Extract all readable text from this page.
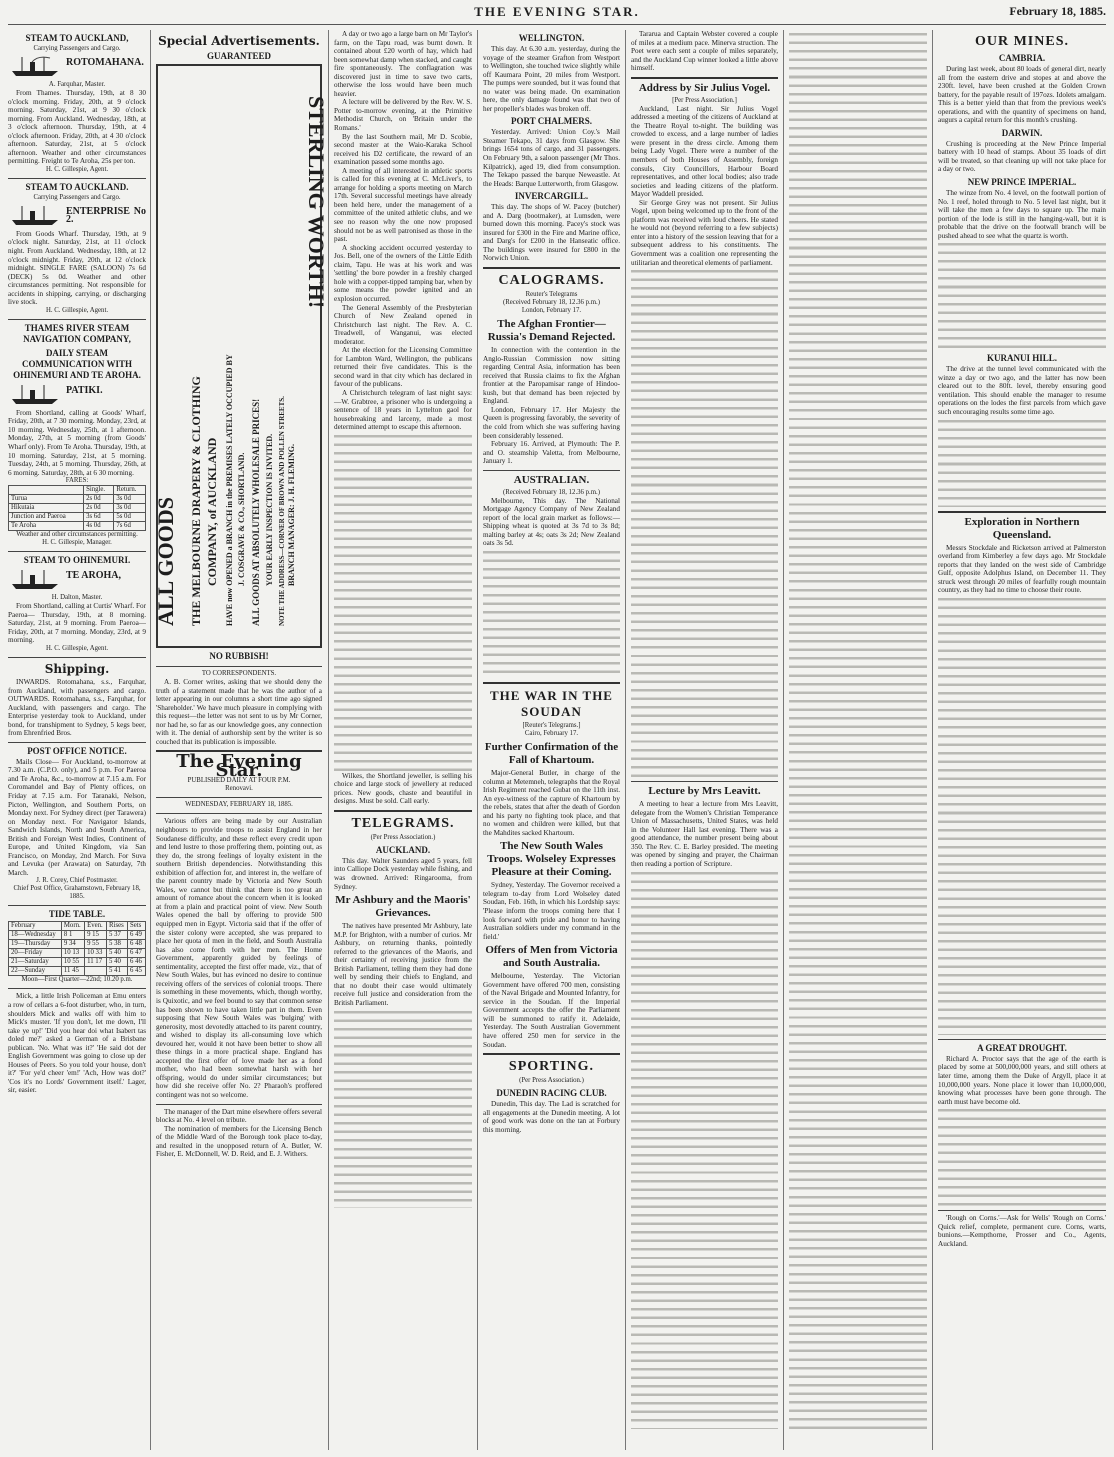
THE EVENING STAR.	February 18, 1885.
STEAM TO AUCKLAND,
Carrying Passengers and Cargo.
ROTOMAHANA.
A. Farquhar, Master.

From Thames. Thursday, 19th, at 8 30 o'clock morning. Friday, 20th, at 9 o'clock morning. Saturday, 21st, at 9 30 o'clock morning. From Auckland. Wednesday, 18th, at 3 o'clock afternoon. Thursday, 19th, at 4 o'clock afternoon. Friday, 20th, at 4 30 o'clock afternoon. Saturday, 21st, at 5 o'clock afternoon. Weather and other circumstances permitting. Freight to Te Aroha, 25s per ton.

H. C. Gillespie, Agent.
STEAM TO AUCKLAND.
Carrying Passengers and Cargo.
ENTERPRISE No 2.

From Goods Wharf. Thursday, 19th, at 9 o'clock night. Saturday, 21st, at 11 o'clock night. From Auckland. Wednesday, 18th, at 12 o'clock midnight. Friday, 20th, at 12 o'clock midnight. SINGLE FARE (SALOON) 7s 6d (DECK) 5s 0d. Weather and other circumstances permitting. Not responsible for accidents in shipping, carrying, or discharging live stock.

H. C. Gillespie, Agent.
THAMES RIVER STEAM NAVIGATION COMPANY,
DAILY STEAM COMMUNICATION WITH OHINEMURI AND TE AROHA.
PATIKI.

From Shortland, calling at Goods' Wharf, Friday, 20th, at 7 30 morning. Monday, 23rd, at 10 morning. Wednesday, 25th, at 1 afternoon. Monday, 27th, at 5 morning (from Goods' Wharf only). From Te Aroha. Thursday, 19th, at 10 morning. Saturday, 21st, at 5 morning. Tuesday, 24th, at 5 morning. Thursday, 26th, at 6 morning. Saturday, 28th, at 6 30 morning.

FARES:
	Single.	Return.
Turua	2s 0d	3s 0d
Hikutaia	2s 0d	3s 0d
Junction and Paeroa	3s 6d	5s 0d
Te Aroha	4s 0d	7s 6d
Weather and other circumstances permitting.
H. C. Gillespie, Manager.
STEAM TO OHINEMURI.
TE AROHA,
H. Dalton, Master.

From Shortland, calling at Curtis' Wharf. For Paeroa— Thursday, 19th, at 8 morning. Saturday, 21st, at 9 morning. From Paeroa— Friday, 20th, at 7 morning. Monday, 23rd, at 9 morning.

H. C. Gillespie, Agent.
Shipping.

INWARDS. Rotomahana, s.s., Farquhar, from Auckland, with passengers and cargo. OUTWARDS. Rotomahana, s.s., Farquhar, for Auckland, with passengers and cargo. The Enterprise yesterday took to Auckland, under bond, for transhipment to Sydney, 5 kegs beer, from Ehrenfried Bros.

POST OFFICE NOTICE.

Mails Close— For Auckland, to-morrow at 7.30 a.m. (C.P.O. only), and 5 p.m. For Paeroa and Te Aroha, &c., to-morrow at 7.15 a.m. For Coromandel and Bay of Plenty offices, on Friday at 7.15 a.m. For Taranaki, Nelson, Picton, Wellington, and Southern Ports, on Monday next. For Sydney direct (per Tarawera) on Monday next. For Navigator Islands, Sandwich Islands, North and South America, British and Foreign West Indies, Continent of Europe, and United Kingdom, via San Francisco, on Monday, 2nd March. For Suva and Levuka (per Arawata) on Saturday, 7th March.

J. R. Corey, Chief Postmaster.
Chief Post Office, Grahamstown, February 18, 1885.
TIDE TABLE.
February	Morn.	Even.	Rises	Sets
18—Wednesday	8 1	9 15	5 37	6 49
19—Thursday	9 34	9 55	5 38	6 48
20—Friday	10 13	10 33	5 40	6 47
21—Saturday	10 55	11 17	5 40	6 46
22—Sunday	11 45		5 41	6 45
Moon—First Quarter—22nd; 10.20 p.m.

Mick, a little Irish Policeman at Emu enters a row of cellars a 6-foot disturber, who, in turn, shoulders Mick and walks off with him to Mick's muster. 'If you don't, let me down, I'll take ye up!' 'Did you hear doi what Isabert tas doled me?' asked a German of a Brisbane publican. 'No. What was it?' 'He said dot der English Government was going to close up der Houses of Peers. So you told your house, don't it?' 'For ye'd cheer 'em!' 'Ach, How was dot?' 'Cos it's no Lords' Government itself.' Lager, sir, easier.

Special Advertisements.
GUARANTEED
ALL GOODS THE MELBOURNE DRAPERY & CLOTHING COMPANY, of AUCKLAND HAVE now OPENED a BRANCH in the PREMISES LATELY OCCUPIED BY J. COSGRAVE & CO., SHORTLAND. ALL GOODS AT ABSOLUTELY WHOLESALE PRICES! YOUR EARLY INSPECTION IS INVITED. NOTE THE ADDRESS—CORNER OF BROWN AND POLLEN STREETS. BRANCH MANAGER: J. H. FLEMING.
STERLING WORTH!
NO RUBBISH!
TO CORRESPONDENTS.

A. B. Corner writes, asking that we should deny the truth of a statement made that he was the author of a letter appearing in our columns a short time ago signed 'Shareholder.' We have much pleasure in complying with this request—the letter was not sent to us by Mr Corner, nor had he, so far as our knowledge goes, any connection with it. The denial of authorship sent by the writer is so couched that its publication is impossible.

The Evening Star.
PUBLISHED DAILY AT FOUR P.M.
Renovavi.
WEDNESDAY, FEBRUARY 18, 1885.

Various offers are being made by our Australian neighbours to provide troops to assist England in her Soudanese difficulty, and these reflect every credit upon and lend lustre to those proffering them, pointing out, as they do, the strong feelings of loyalty existent in the southern British dependencies. Notwithstanding this exhibition of affection for, and interest in, the welfare of the parent country made by Victoria and New South Wales, we cannot but think that there is too great an amount of romance about the concern when it is looked at from a plain and practical point of view. New South Wales opened the ball by offering to provide 500 equipped men in Egypt. Victoria said that if the offer of the sister colony were accepted, she was prepared to place her quota of men in the field, and South Australia has also come forth with her men. The Home Government, apparently guided by feelings of sentimentality, accepted the first offer made, viz., that of New South Wales, but has evinced no desire to continue receiving offers of the services of colonial troops. There is something in these movements, which, though worthy, is Quixotic, and we feel bound to say that common sense has been shown to have taken little part in them. Even supposing that New South Wales was 'bulging' with generosity, most devotedly attached to its parent country, and wished to display its all-consuming love which devoured her, would it not have been better to show all these things in a more practical shape. England has accepted the first offer of love made her as a fond mother, who had been somewhat harsh with her offspring, would do under similar circumstances; but how did she receive offer No. 2? Pharaoh's proffered contingent was not so welcome.

The manager of the Dart mine elsewhere offers several blocks at No. 4 level on tribute.

The nomination of members for the Licensing Bench of the Middle Ward of the Borough took place to-day, and resulted in the unopposed return of A. Butler, W. Fisher, E. McDonnell, W. D. Reid, and E. J. Withers.

A day or two ago a large barn on Mr Taylor's farm, on the Tapu road, was burnt down. It contained about £20 worth of hay, which had been somewhat damp when stacked, and caught fire spontaneously. The conflagration was discovered just in time to save two carts, otherwise the loss would have been much heavier.

A lecture will be delivered by the Rev. W. S. Potter to-morrow evening, at the Primitive Methodist Church, on 'Britain under the Romans.'

By the last Southern mail, Mr D. Scobie, second master at the Waio-Karaka School received his D2 certificate, the reward of an examination passed some months ago.

A meeting of all interested in athletic sports is called for this evening at C. McLiver's, to arrange for holding a sports meeting on March 17th. Several successful meetings have already been held here, under the management of a committee of the united athletic clubs, and we see no reason why the one now proposed should not be as well patronised as those in the past.

A shocking accident occurred yesterday to Jos. Bell, one of the owners of the Little Edith claim, Tapu. He was at his work and was 'settling' the bore powder in a freshly charged hole with a copper-tipped tamping bar, when by some means the powder ignited and an explosion occurred.

The General Assembly of the Presbyterian Church of New Zealand opened in Christchurch last night. The Rev. A. C. Treadwell, of Wanganui, was elected moderator.

At the election for the Licensing Committee for Lambton Ward, Wellington, the publicans returned their five candidates. This is the second ward in that city which has declared in favour of the publicans.

A Christchurch telegram of last night says:—W. Grabtree, a prisoner who is undergoing a sentence of 18 years in Lyttelton gaol for housebreaking and larceny, made a most determined attempt to escape this afternoon.

Wilkes, the Shortland jeweller, is selling his choice and large stock of jewellery at reduced prices. New goods, chaste and beautiful in designs. Must be sold. Call early.

TELEGRAMS.
(Per Press Association.)
AUCKLAND.

This day. Walter Saunders aged 5 years, fell into Calliope Dock yesterday while fishing, and was drowned. Arrived: Ringarooma, from Sydney.

Mr Ashbury and the Maoris' Grievances.

The natives have presented Mr Ashbury, late M.P. for Brighton, with a number of curios. Mr Ashbury, on returning thanks, pointedly referred to the grievances of the Maoris, and their certainty of receiving justice from the British Parliament, telling them they had done well by sending their chiefs to England, and that no doubt their case would ultimately receive full justice and consideration from the British Parliament.

WELLINGTON.

This day. At 6.30 a.m. yesterday, during the voyage of the steamer Grafton from Westport to Wellington, she touched twice slightly while off Kaumara Point, 20 miles from Westport. The pumps were sounded, but it was found that no water was being made. On examination here, the only damage found was that two of her propeller's blades was broken off.

PORT CHALMERS.

Yesterday. Arrived: Union Coy.'s Mail Steamer Tekapo, 31 days from Glasgow. She brings 1654 tons of cargo, and 31 passengers. On February 9th, a saloon passenger (Mr Thos. Kilpatrick), aged 19, died from consumption. The Tekapo passed the barque Neweastle. At the Heads: Barque Lutterworth, from Glasgow.

INVERCARGILL.

This day. The shops of W. Pacey (butcher) and A. Darg (bootmaker), at Lumsden, were burned down this morning. Pacey's stock was insured for £300 in the Fire and Marine office, and Darg's for £200 in the Hanseatic office. The buildings were insured for £800 in the Norwich Union.

CALOGRAMS.
Reuter's Telegrams
(Received February 18, 12.36 p.m.)
London, February 17.
The Afghan Frontier—Russia's Demand Rejected.

In connection with the contention in the Anglo-Russian Commission now sitting regarding Central Asia, information has been received that Russia claims to fix the Afghan frontier at the Paropamisar range of Hindoo-kush, but that demand has been rejected by England.

London, February 17. Her Majesty the Queen is progressing favorably, the severity of the cold from which she was suffering having been considerably lessened.

February 16. Arrived, at Plymouth: The P. and O. steamship Valetta, from Melbourne, January 1.

AUSTRALIAN.
(Received February 18, 12.36 p.m.)

Melbourne, This day. The National Mortgage Agency Company of New Zealand report of the local grain market as follows:—Shipping wheat is quoted at 3s 7d to 3s 8d; malting barley at 4s; oats 3s 2d; New Zealand oats 3s 5d.

THE WAR IN THE SOUDAN
[Reuter's Telegrams.]
Cairo, February 17.
Further Confirmation of the Fall of Khartoum.

Major-General Butler, in charge of the column at Metemneh, telegraphs that the Royal Irish Regiment reached Gubat on the 11th inst. An eye-witness of the capture of Khartoum by the rebels, states that after the death of Gordon and his party no fighting took place, and that no women and children were killed, but that the Mahdites sacked Khartoum.

The New South Wales Troops. Wolseley Expresses Pleasure at their Coming.

Sydney, Yesterday. The Governor received a telegram to-day from Lord Wolseley dated Soudan, Feb. 16th, in which his Lordship says: 'Please inform the troops coming here that I look forward with pride and honor to having Australian soldiers under my command in the field.'

Offers of Men from Victoria and South Australia.

Melbourne, Yesterday. The Victorian Government have offered 700 men, consisting of the Naval Brigade and Mounted Infantry, for service in the Soudan. If the Imperial Government accepts the offer the Parliament will be summoned to ratify it. Adelaide, Yesterday. The South Australian Government have offered 250 men for service in the Soudan.

SPORTING.
(Per Press Association.)
DUNEDIN RACING CLUB.

Dunedin, This day. The Lad is scratched for all engagements at the Dunedin meeting. A lot of good work was done on the tan at Forbury this morning.

Tararua and Captain Webster covered a couple of miles at a medium pace. Minerva struction. The Poet were each sent a couple of miles separately, and the Auckland Cup winner looked a little above himself.

Address by Sir Julius Vogel.
[Per Press Association.]

Auckland, Last night. Sir Julius Vogel addressed a meeting of the citizens of Auckland at the Theatre Royal to-night. The building was crowded to excess, and a large number of ladies were present in the dress circle. Among them being Lady Vogel. There were a number of the members of both Houses of Assembly, foreign consuls, City Councillors, Harbour Board representatives, and other local bodies; also trade societies and leading citizens of the platform. Mayor Waddell presided.

Sir George Grey was not present. Sir Julius Vogel, upon being welcomed up to the front of the platform was received with loud cheers. He stated he would not (beyond referring to a few subjects) enter into a history of the session leaving that for a subsequent address to his constituents. The Government was a coalition one representing the utilitarian and theoretical elements of parliament.

Lecture by Mrs Leavitt.

A meeting to hear a lecture from Mrs Leavitt, delegate from the Women's Christian Temperance Union of Massachusetts, United States, was held in the Volunteer Hall last evening. There was a good attendance, the number present being about 350. The Rev. C. E. Barley presided. The meeting was opened by singing and prayer, the Chairman then reading a portion of Scripture.

OUR MINES.
CAMBRIA.

During last week, about 80 loads of general dirt, nearly all from the eastern drive and stopes at and above the 230ft. level, have been crushed at the Golden Crown battery, for the payable result of 197ozs. Idolets amalgam. This is a better yield than that from the previous week's operations, and with the quantity of specimens on hand, augurs a capital return for this month's crushing.

DARWIN.

Crushing is proceeding at the New Prince Imperial battery with 10 head of stamps. About 35 loads of dirt will be treated, so that cleaning up will not take place for a day or two.

NEW PRINCE IMPERIAL.

The winze from No. 4 level, on the footwall portion of No. 1 reef, holed through to No. 5 level last night, but it will take the men a few days to square up. The main portion of the lode is still in the hanging-wall, but it is probable that the drive on the footwall branch will be pushed ahead to see what the quartz is worth.

KURANUI HILL.

The drive at the tunnel level communicated with the winze a day or two ago, and the latter has now been cleared out to the 80ft. level, thereby ensuring good ventilation. This should enable the manager to resume operations on the lodes the first parcels from which gave such encouraging results some time ago.

Exploration in Northern Queensland.

Messrs Stockdale and Ricketson arrived at Palmerston overland from Kimberley a few days ago. Mr Stockdale reports that they landed on the west side of Cambridge Gulf, opposite Adolphus Island, on December 11. They struck west through 20 miles of fearfully rough mountain country, as they had no time to choose their route.

A GREAT DROUGHT.

Richard A. Proctor says that the age of the earth is placed by some at 500,000,000 years, and still others at later time, among them the Duke of Argyll, place it at 10,000,000 years. None place it lower than 10,000,000, knowing what processes have been gone through. The earth must have become old.

'Rough on Corns.'—Ask for Wells' 'Rough on Corns.' Quick relief, complete, permanent cure. Corns, warts, bunions.—Kempthorne, Prosser and Co., Agents, Auckland.
